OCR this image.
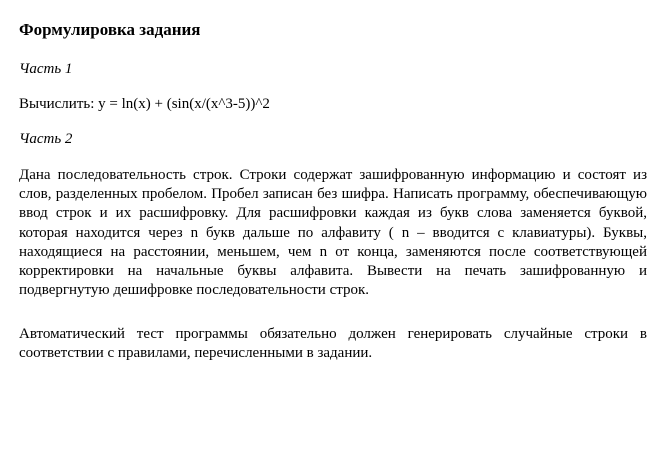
Формулировка задания

Часть 1

Вычислить: y = ln(x) + (sin(x/(x^3-5))^2

Часть 2

Дана последовательность строк. Строки содержат зашифрованную информацию и состоят из слов, разделенных пробелом. Пробел записан без шифра. Написать программу, обеспечивающую ввод строк и их расшифровку. Для расшифровки каждая из букв слова заменяется буквой, которая находится через n букв дальше по алфавиту ( n – вводится с клавиатуры). Буквы, находящиеся на расстоянии, меньшем, чем n от конца, заменяются после соответствующей корректировки на начальные буквы алфавита. Вывести на печать зашифрованную и подвергнутую дешифровке последовательности строк.

Автоматический тест программы обязательно должен генерировать случайные строки в соответствии с правилами, перечисленными в задании.
